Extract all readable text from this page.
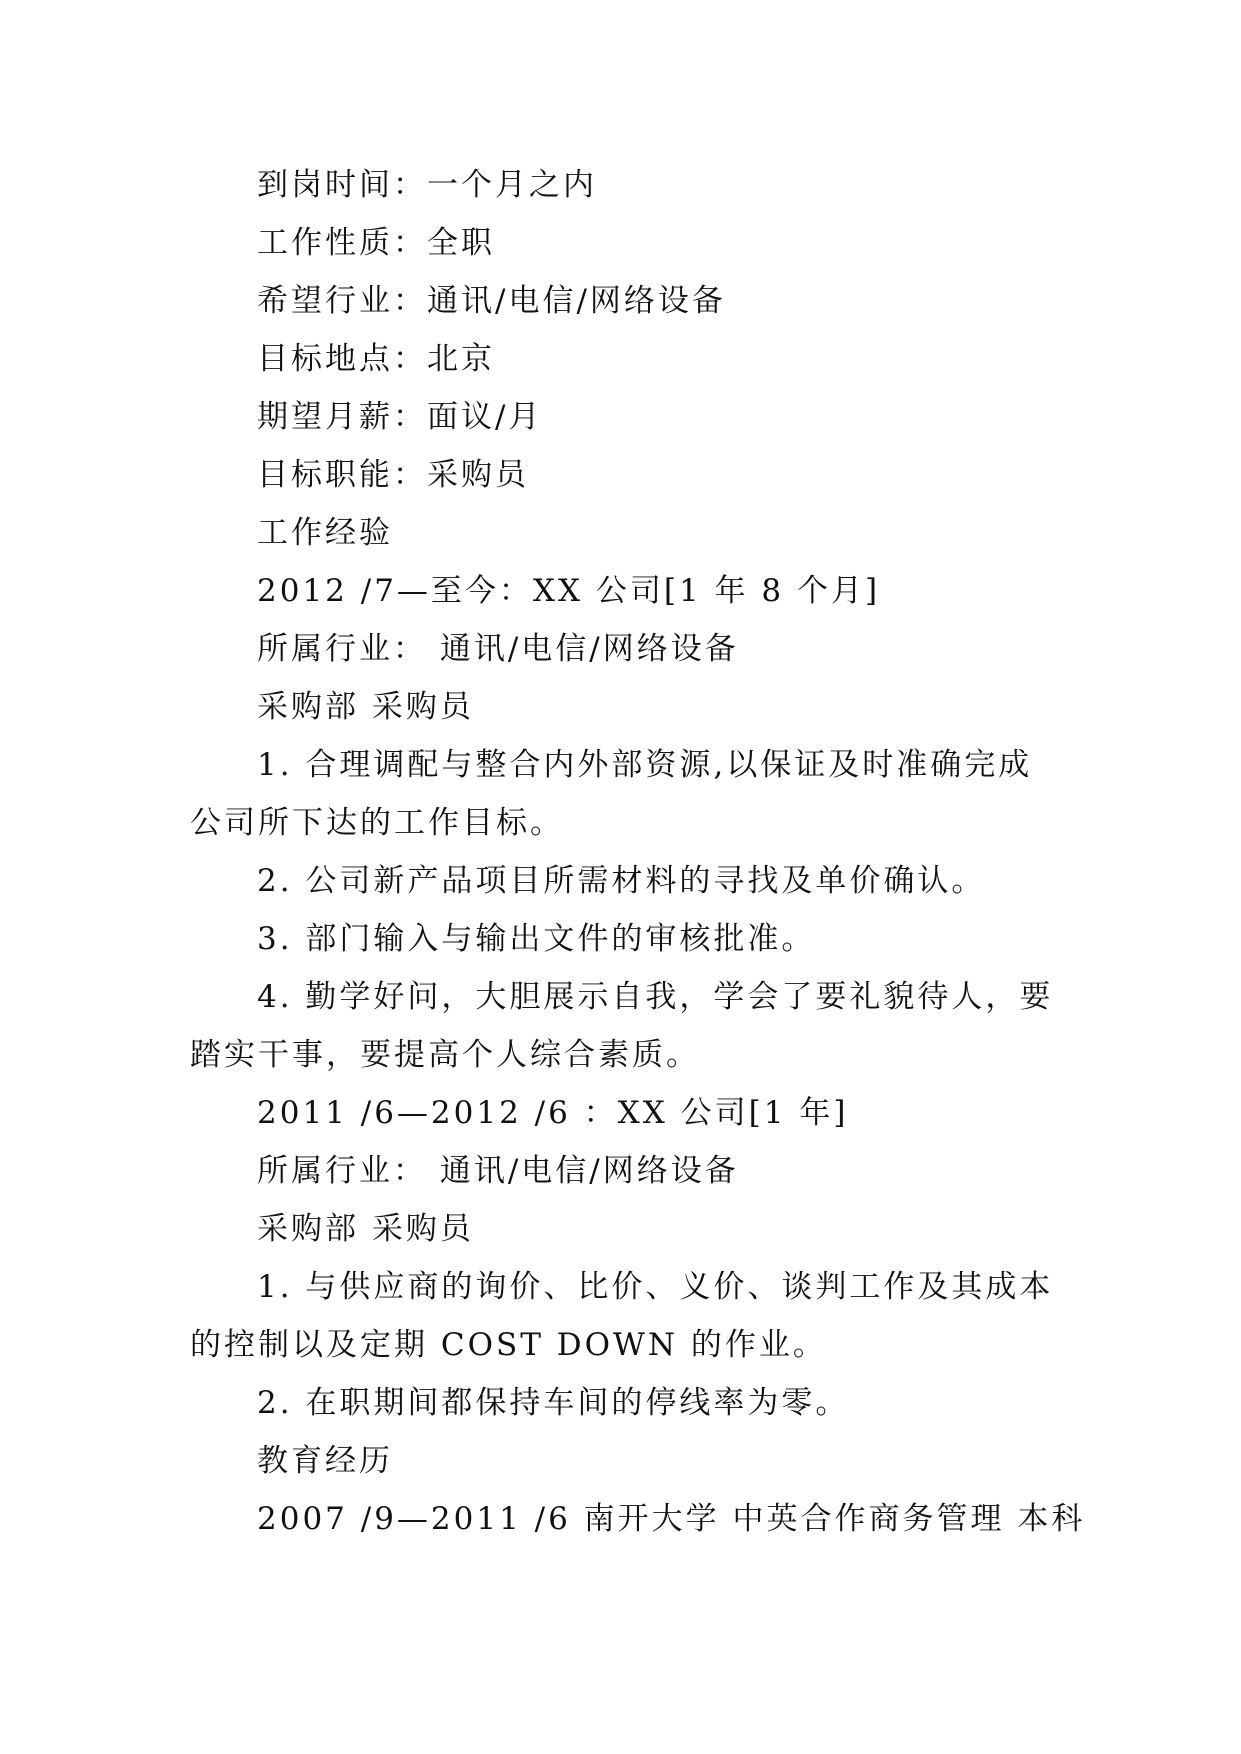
到岗时间：一个月之内
工作性质：全职
希望行业：通讯/电信/网络设备
目标地点：北京
期望月薪：面议/月
目标职能：采购员
工作经验
2012 /7—至今：XX 公司[1 年 8 个月]
所属行业： 通讯/电信/网络设备
采购部 采购员
1. 合理调配与整合内外部资源,以保证及时准确完成
公司所下达的工作目标。
2. 公司新产品项目所需材料的寻找及单价确认。
3. 部门输入与输出文件的审核批准。
4. 勤学好问，大胆展示自我，学会了要礼貌待人，要
踏实干事，要提高个人综合素质。
2011 /6—2012 /6 ：XX 公司[1 年]
所属行业： 通讯/电信/网络设备
采购部 采购员
1. 与供应商的询价、比价、义价、谈判工作及其成本
的控制以及定期 COST DOWN 的作业。
2. 在职期间都保持车间的停线率为零。
教育经历
2007 /9—2011 /6 南开大学 中英合作商务管理 本科
